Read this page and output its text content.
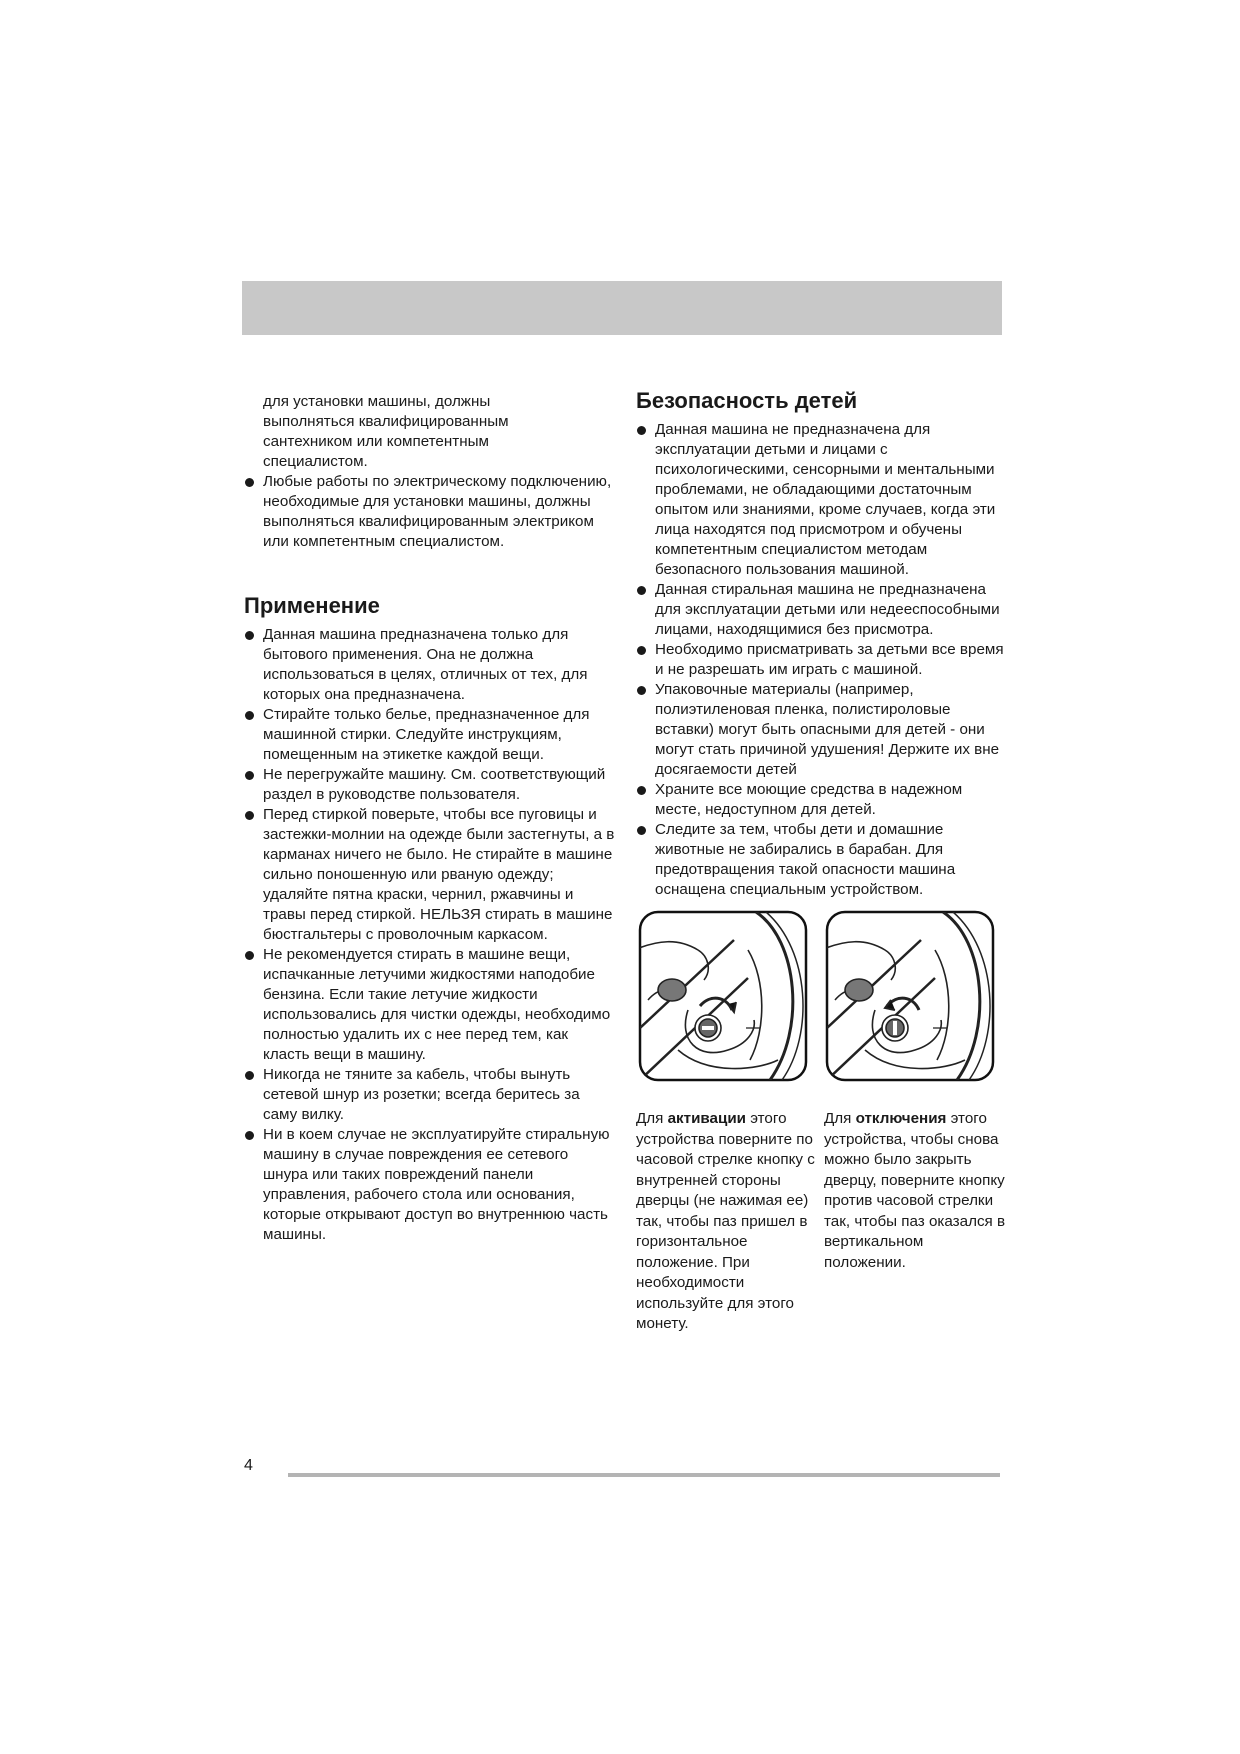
для установки машины, должны

выполняться квалифицированным

сантехником или компетентным

специалистом.

Любые работы по электрическому подключению, необходимые для установки машины, должны выполняться квалифицированным электриком или компетентным специалистом.
Применение
Данная машина предназначена только для бытового применения. Она не должна использоваться в целях, отличных от тех, для которых она предназначена.
Стирайте только белье, предназначенное для машинной стирки. Следуйте инструкциям, помещенным на этикетке каждой вещи.
Не перегружайте машину. См. соответствующий раздел в руководстве пользователя.
Перед стиркой поверьте, чтобы все пуговицы и застежки-молнии на одежде были застегнуты, а в карманах ничего не было. Не стирайте в машине сильно поношенную или рваную одежду; удаляйте пятна краски, чернил, ржавчины и травы перед стиркой. НЕЛЬЗЯ стирать в машине бюстгальтеры с проволочным каркасом.
Не рекомендуется стирать в машине вещи, испачканные летучими жидкостями наподобие бензина. Если такие летучие жидкости использовались для чистки одежды, необходимо полностью удалить их с нее перед тем, как класть вещи в машину.
Никогда не тяните за кабель, чтобы вынуть сетевой шнур из розетки; всегда беритесь за саму вилку.
Ни в коем случае не эксплуатируйте стиральную машину в случае повреждения ее сетевого шнура или таких повреждений панели управления, рабочего стола или основания, которые открывают доступ во внутреннюю часть машины.
Безопасность детей
Данная машина не предназначена для эксплуатации детьми и лицами с психологическими, сенсорными и ментальными проблемами, не обладающими достаточным опытом или знаниями, кроме случаев, когда эти лица находятся под присмотром и обучены компетентным специалистом методам безопасного пользования машиной.
Данная стиральная машина не предназначена для эксплуатации детьми или недееспособными лицами, находящимися без присмотра.
Необходимо присматривать за детьми все время и не разрешать им играть с машиной.
Упаковочные материалы (например, полиэтиленовая пленка, полистироловые вставки) могут быть опасными для детей - они могут стать причиной удушения! Держите их вне досягаемости детей
Храните все моющие средства в надежном месте, недоступном для детей.
Следите за тем, чтобы дети и домашние животные не забирались в барабан. Для предотвращения такой опасности машина оснащена специальным устройством.

Для активации этого устройства поверните по часовой стрелке кнопку с внутренней стороны дверцы (не нажимая ее) так, чтобы паз пришел в горизонтальное положение. При необходимости используйте для этого монету.

Для отключения этого устройства, чтобы снова можно было закрыть дверцу, поверните кнопку против часовой стрелки так, чтобы паз оказался в вертикальном положении.

4
